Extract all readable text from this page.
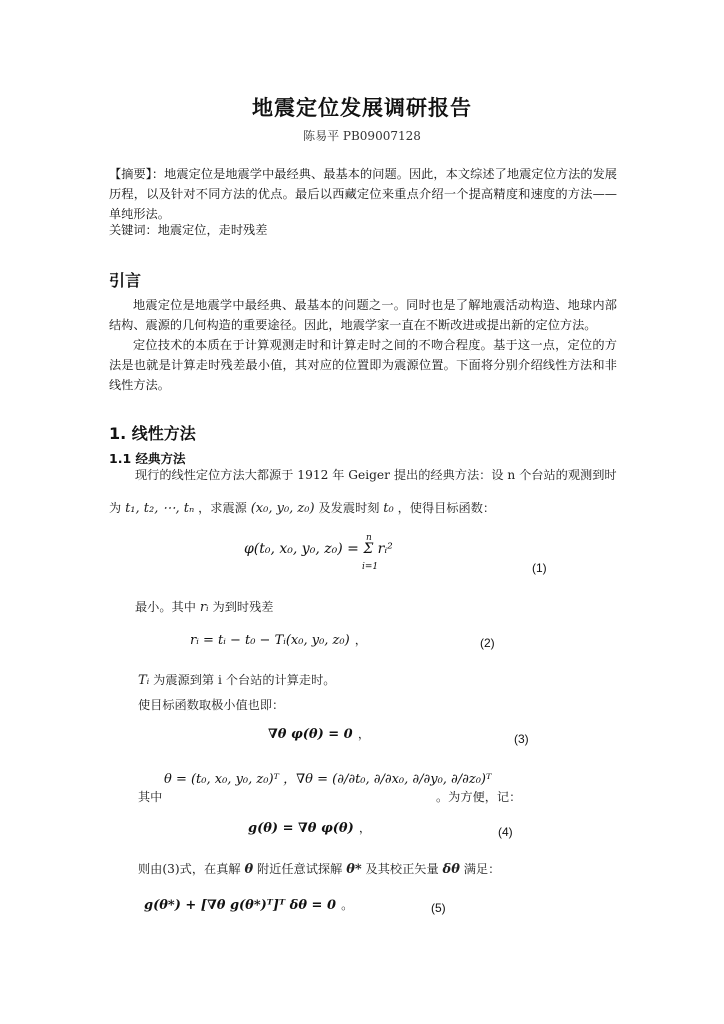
地震定位发展调研报告
陈易平 PB09007128
【摘要】：地震定位是地震学中最经典、最基本的问题。因此，本文综述了地震定位方法的发展历程，以及针对不同方法的优点。最后以西藏定位来重点介绍一个提高精度和速度的方法——单纯形法。
关键词：地震定位，走时残差
引言
地震定位是地震学中最经典、最基本的问题之一。同时也是了解地震活动构造、地球内部结构、震源的几何构造的重要途径。因此，地震学家一直在不断改进或提出新的定位方法。
定位技术的本质在于计算观测走时和计算走时之间的不吻合程度。基于这一点，定位的方法是也就是计算走时残差最小值，其对应的位置即为震源位置。下面将分别介绍线性方法和非线性方法。
1. 线性方法
1.1 经典方法
现行的线性定位方法大都源于 1912 年 Geiger 提出的经典方法：设 n 个台站的观测到时
为 t₁, t₂, ⋯, tₙ ，求震源 (x₀, y₀, z₀) 及发震时刻 t₀ ，使得目标函数：
φ(t₀, x₀, y₀, z₀) = Σ rᵢ²
n
i=1	(1)
最小。其中 rᵢ 为到时残差
rᵢ = tᵢ − t₀ − Tᵢ(x₀, y₀, z₀) ，	(2)
Tᵢ 为震源到第 i 个台站的计算走时。
使目标函数取极小值也即：
∇θ φ(θ) = 0 ，	(3)
θ = (t₀, x₀, y₀, z₀)ᵀ ，∇θ = (∂/∂t₀, ∂/∂x₀, ∂/∂y₀, ∂/∂z₀)ᵀ
其中	。为方便，记：
g(θ) = ∇θ φ(θ) ，	(4)
则由(3)式，在真解 θ 附近任意试探解 θ* 及其校正矢量 δθ 满足：
g(θ*) + [∇θ g(θ*)ᵀ]ᵀ δθ = 0 。	(5)
